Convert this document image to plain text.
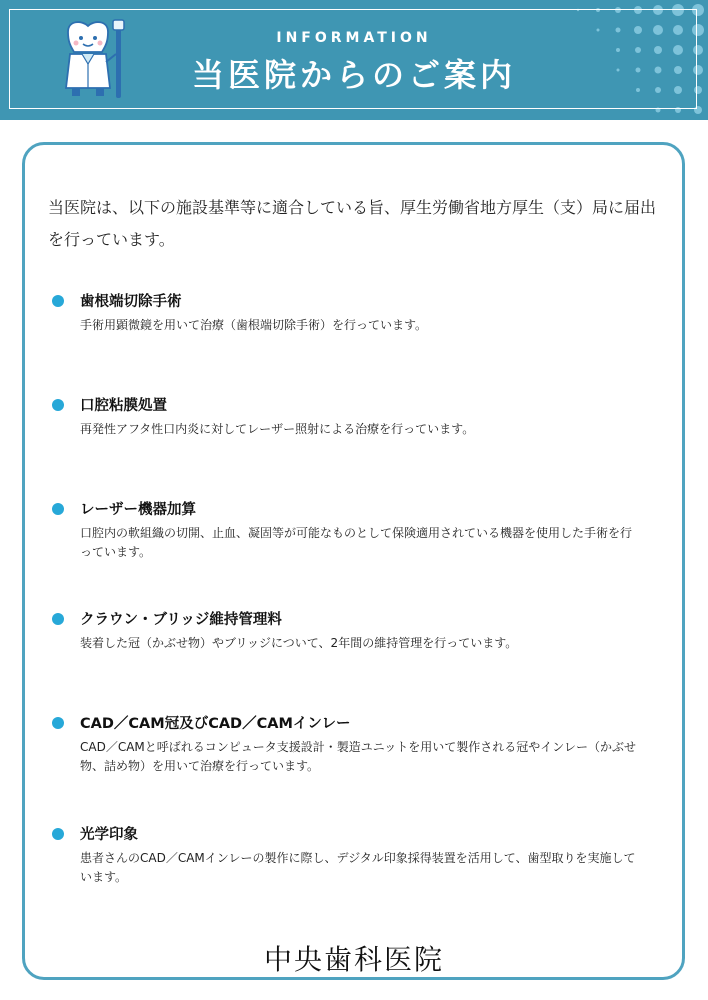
INFORMATION
当医院からのご案内
当医院は、以下の施設基準等に適合している旨、厚生労働省地方厚生（支）局に届出を行っています。
歯根端切除手術
手術用顕微鏡を用いて治療（歯根端切除手術）を行っています。
口腔粘膜処置
再発性アフタ性口内炎に対してレーザー照射による治療を行っています。
レーザー機器加算
口腔内の軟組織の切開、止血、凝固等が可能なものとして保険適用されている機器を使用した手術を行っています。
クラウン・ブリッジ維持管理料
装着した冠（かぶせ物）やブリッジについて、2年間の維持管理を行っています。
CAD／CAM冠及びCAD／CAMインレー
CAD／CAMと呼ばれるコンピュータ支援設計・製造ユニットを用いて製作される冠やインレー（かぶせ物、詰め物）を用いて治療を行っています。
光学印象
患者さんのCAD／CAMインレーの製作に際し、デジタル印象採得装置を活用して、歯型取りを実施しています。
中央歯科医院
